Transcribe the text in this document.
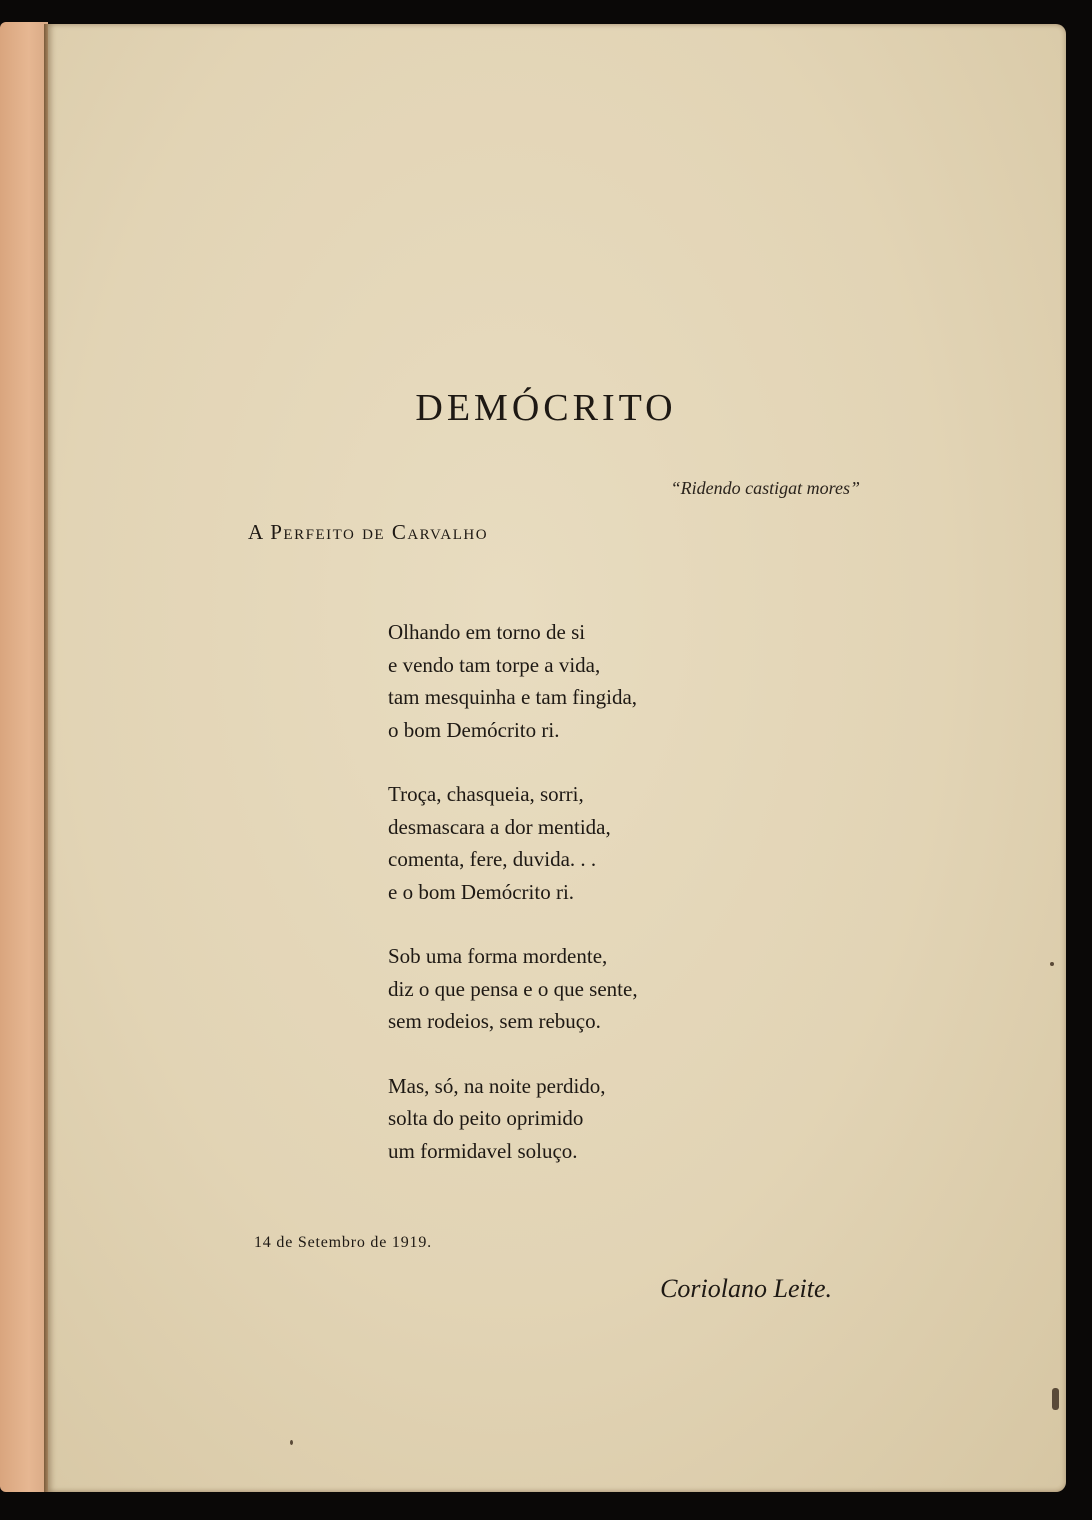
DEMÓCRITO
“Ridendo castigat mores”
A Perfeito de Carvalho
Olhando em torno de si
e vendo tam torpe a vida,
tam mesquinha e tam fingida,
o bom Demócrito ri.
Troça, chasqueia, sorri,
desmascara a dor mentida,
comenta, fere, duvida. . .
e o bom Demócrito ri.
Sob uma forma mordente,
diz o que pensa e o que sente,
sem rodeios, sem rebuço.
Mas, só, na noite perdido,
solta do peito oprimido
um formidavel soluço.
14 de Setembro de 1919.
Coriolano Leite.
